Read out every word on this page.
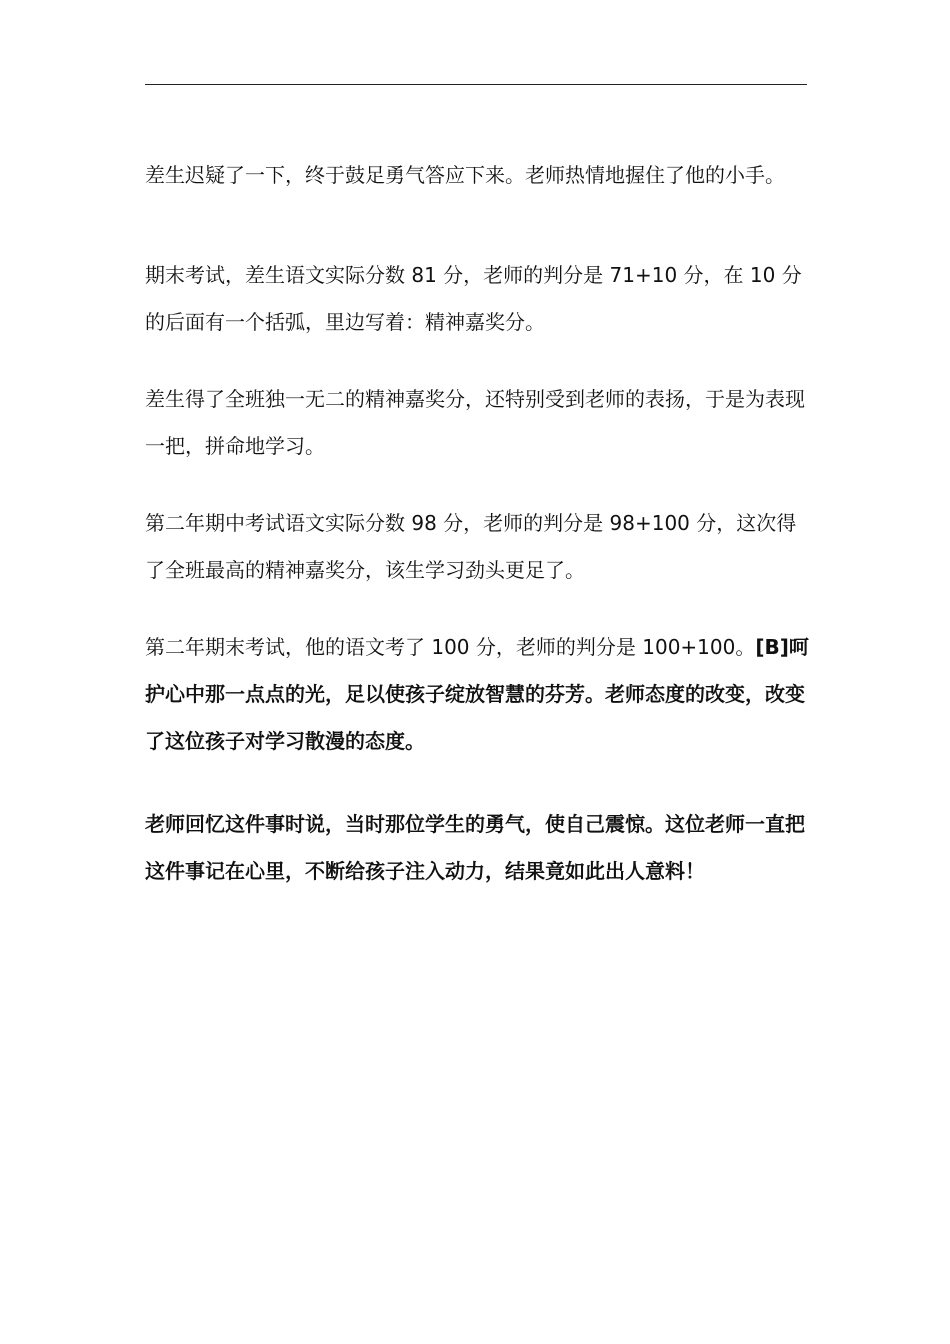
差生迟疑了一下，终于鼓足勇气答应下来。老师热情地握住了他的小手。

期末考试，差生语文实际分数 81 分，老师的判分是 71+10 分，在 10 分的后面有一个括弧，里边写着：精神嘉奖分。

差生得了全班独一无二的精神嘉奖分，还特别受到老师的表扬，于是为表现一把，拼命地学习。

第二年期中考试语文实际分数 98 分，老师的判分是 98+100 分，这次得了全班最高的精神嘉奖分，该生学习劲头更足了。

第二年期末考试，他的语文考了 100 分，老师的判分是 100+100。[B]呵护心中那一点点的光，足以使孩子绽放智慧的芬芳。老师态度的改变，改变了这位孩子对学习散漫的态度。

老师回忆这件事时说，当时那位学生的勇气，使自己震惊。这位老师一直把这件事记在心里，不断给孩子注入动力，结果竟如此出人意料！
